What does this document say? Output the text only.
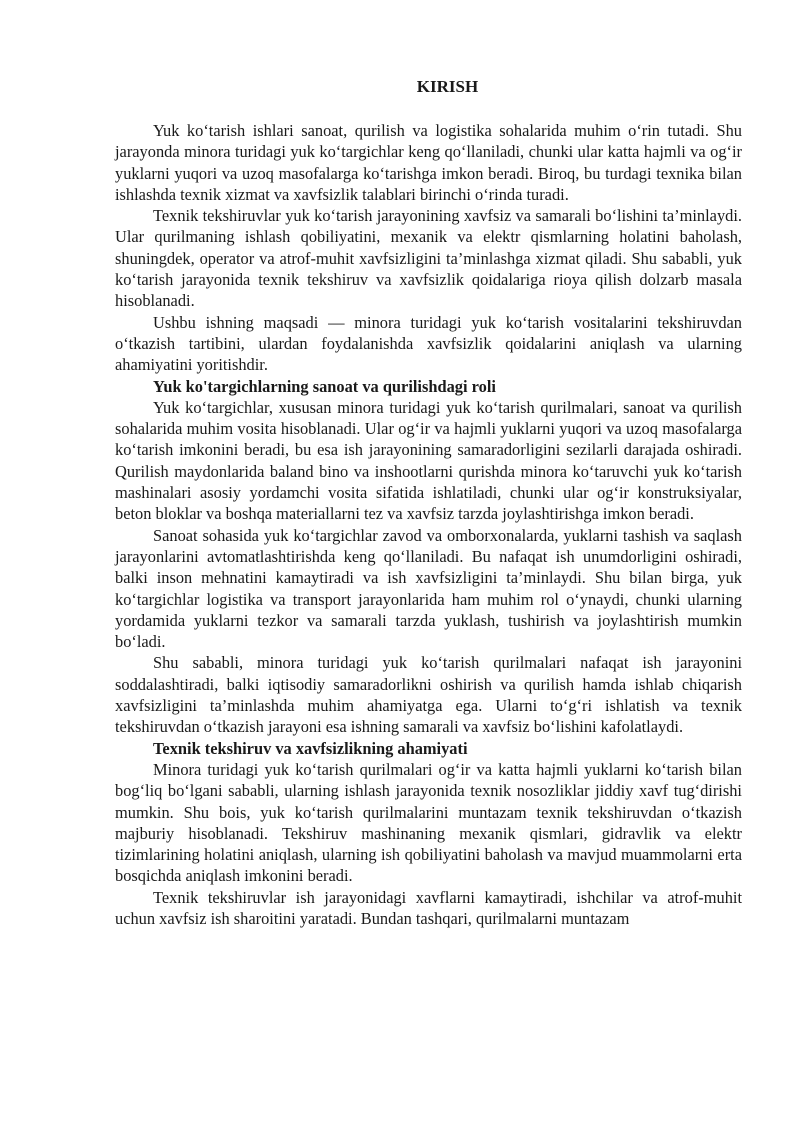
KIRISH

Yuk ko‘tarish ishlari sanoat, qurilish va logistika sohalarida muhim o‘rin tutadi. Shu jarayonda minora turidagi yuk ko‘targichlar keng qo‘llaniladi, chunki ular katta hajmli va og‘ir yuklarni yuqori va uzoq masofalarga ko‘tarishga imkon beradi. Biroq, bu turdagi texnika bilan ishlashda texnik xizmat va xavfsizlik talablari birinchi o‘rinda turadi.

Texnik tekshiruvlar yuk ko‘tarish jarayonining xavfsiz va samarali bo‘lishini ta’minlaydi. Ular qurilmaning ishlash qobiliyatini, mexanik va elektr qismlarning holatini baholash, shuningdek, operator va atrof-muhit xavfsizligini ta’minlashga xizmat qiladi. Shu sababli, yuk ko‘tarish jarayonida texnik tekshiruv va xavfsizlik qoidalariga rioya qilish dolzarb masala hisoblanadi.

Ushbu ishning maqsadi — minora turidagi yuk ko‘tarish vositalarini tekshiruvdan o‘tkazish tartibini, ulardan foydalanishda xavfsizlik qoidalarini aniqlash va ularning ahamiyatini yoritishdir.

Yuk ko'targichlarning sanoat va qurilishdagi roli

Yuk ko‘targichlar, xususan minora turidagi yuk ko‘tarish qurilmalari, sanoat va qurilish sohalarida muhim vosita hisoblanadi. Ular og‘ir va hajmli yuklarni yuqori va uzoq masofalarga ko‘tarish imkonini beradi, bu esa ish jarayonining samaradorligini sezilarli darajada oshiradi. Qurilish maydonlarida baland bino va inshootlarni qurishda minora ko‘taruvchi yuk ko‘tarish mashinalari asosiy yordamchi vosita sifatida ishlatiladi, chunki ular og‘ir konstruksiyalar, beton bloklar va boshqa materiallarni tez va xavfsiz tarzda joylashtirishga imkon beradi.

Sanoat sohasida yuk ko‘targichlar zavod va omborxonalarda, yuklarni tashish va saqlash jarayonlarini avtomatlashtirishda keng qo‘llaniladi. Bu nafaqat ish unumdorligini oshiradi, balki inson mehnatini kamaytiradi va ish xavfsizligini ta’minlaydi. Shu bilan birga, yuk ko‘targichlar logistika va transport jarayonlarida ham muhim rol o‘ynaydi, chunki ularning yordamida yuklarni tezkor va samarali tarzda yuklash, tushirish va joylashtirish mumkin bo‘ladi.

Shu sababli, minora turidagi yuk ko‘tarish qurilmalari nafaqat ish jarayonini soddalashtiradi, balki iqtisodiy samaradorlikni oshirish va qurilish hamda ishlab chiqarish xavfsizligini ta’minlashda muhim ahamiyatga ega. Ularni to‘g‘ri ishlatish va texnik tekshiruvdan o‘tkazish jarayoni esa ishning samarali va xavfsiz bo‘lishini kafolatlaydi.

Texnik tekshiruv va xavfsizlikning ahamiyati

Minora turidagi yuk ko‘tarish qurilmalari og‘ir va katta hajmli yuklarni ko‘tarish bilan bog‘liq bo‘lgani sababli, ularning ishlash jarayonida texnik nosozliklar jiddiy xavf tug‘dirishi mumkin. Shu bois, yuk ko‘tarish qurilmalarini muntazam texnik tekshiruvdan o‘tkazish majburiy hisoblanadi. Tekshiruv mashinaning mexanik qismlari, gidravlik va elektr tizimlarining holatini aniqlash, ularning ish qobiliyatini baholash va mavjud muammolarni erta bosqichda aniqlash imkonini beradi.

Texnik tekshiruvlar ish jarayonidagi xavflarni kamaytiradi, ishchilar va atrof-muhit uchun xavfsiz ish sharoitini yaratadi. Bundan tashqari, qurilmalarni muntazam
